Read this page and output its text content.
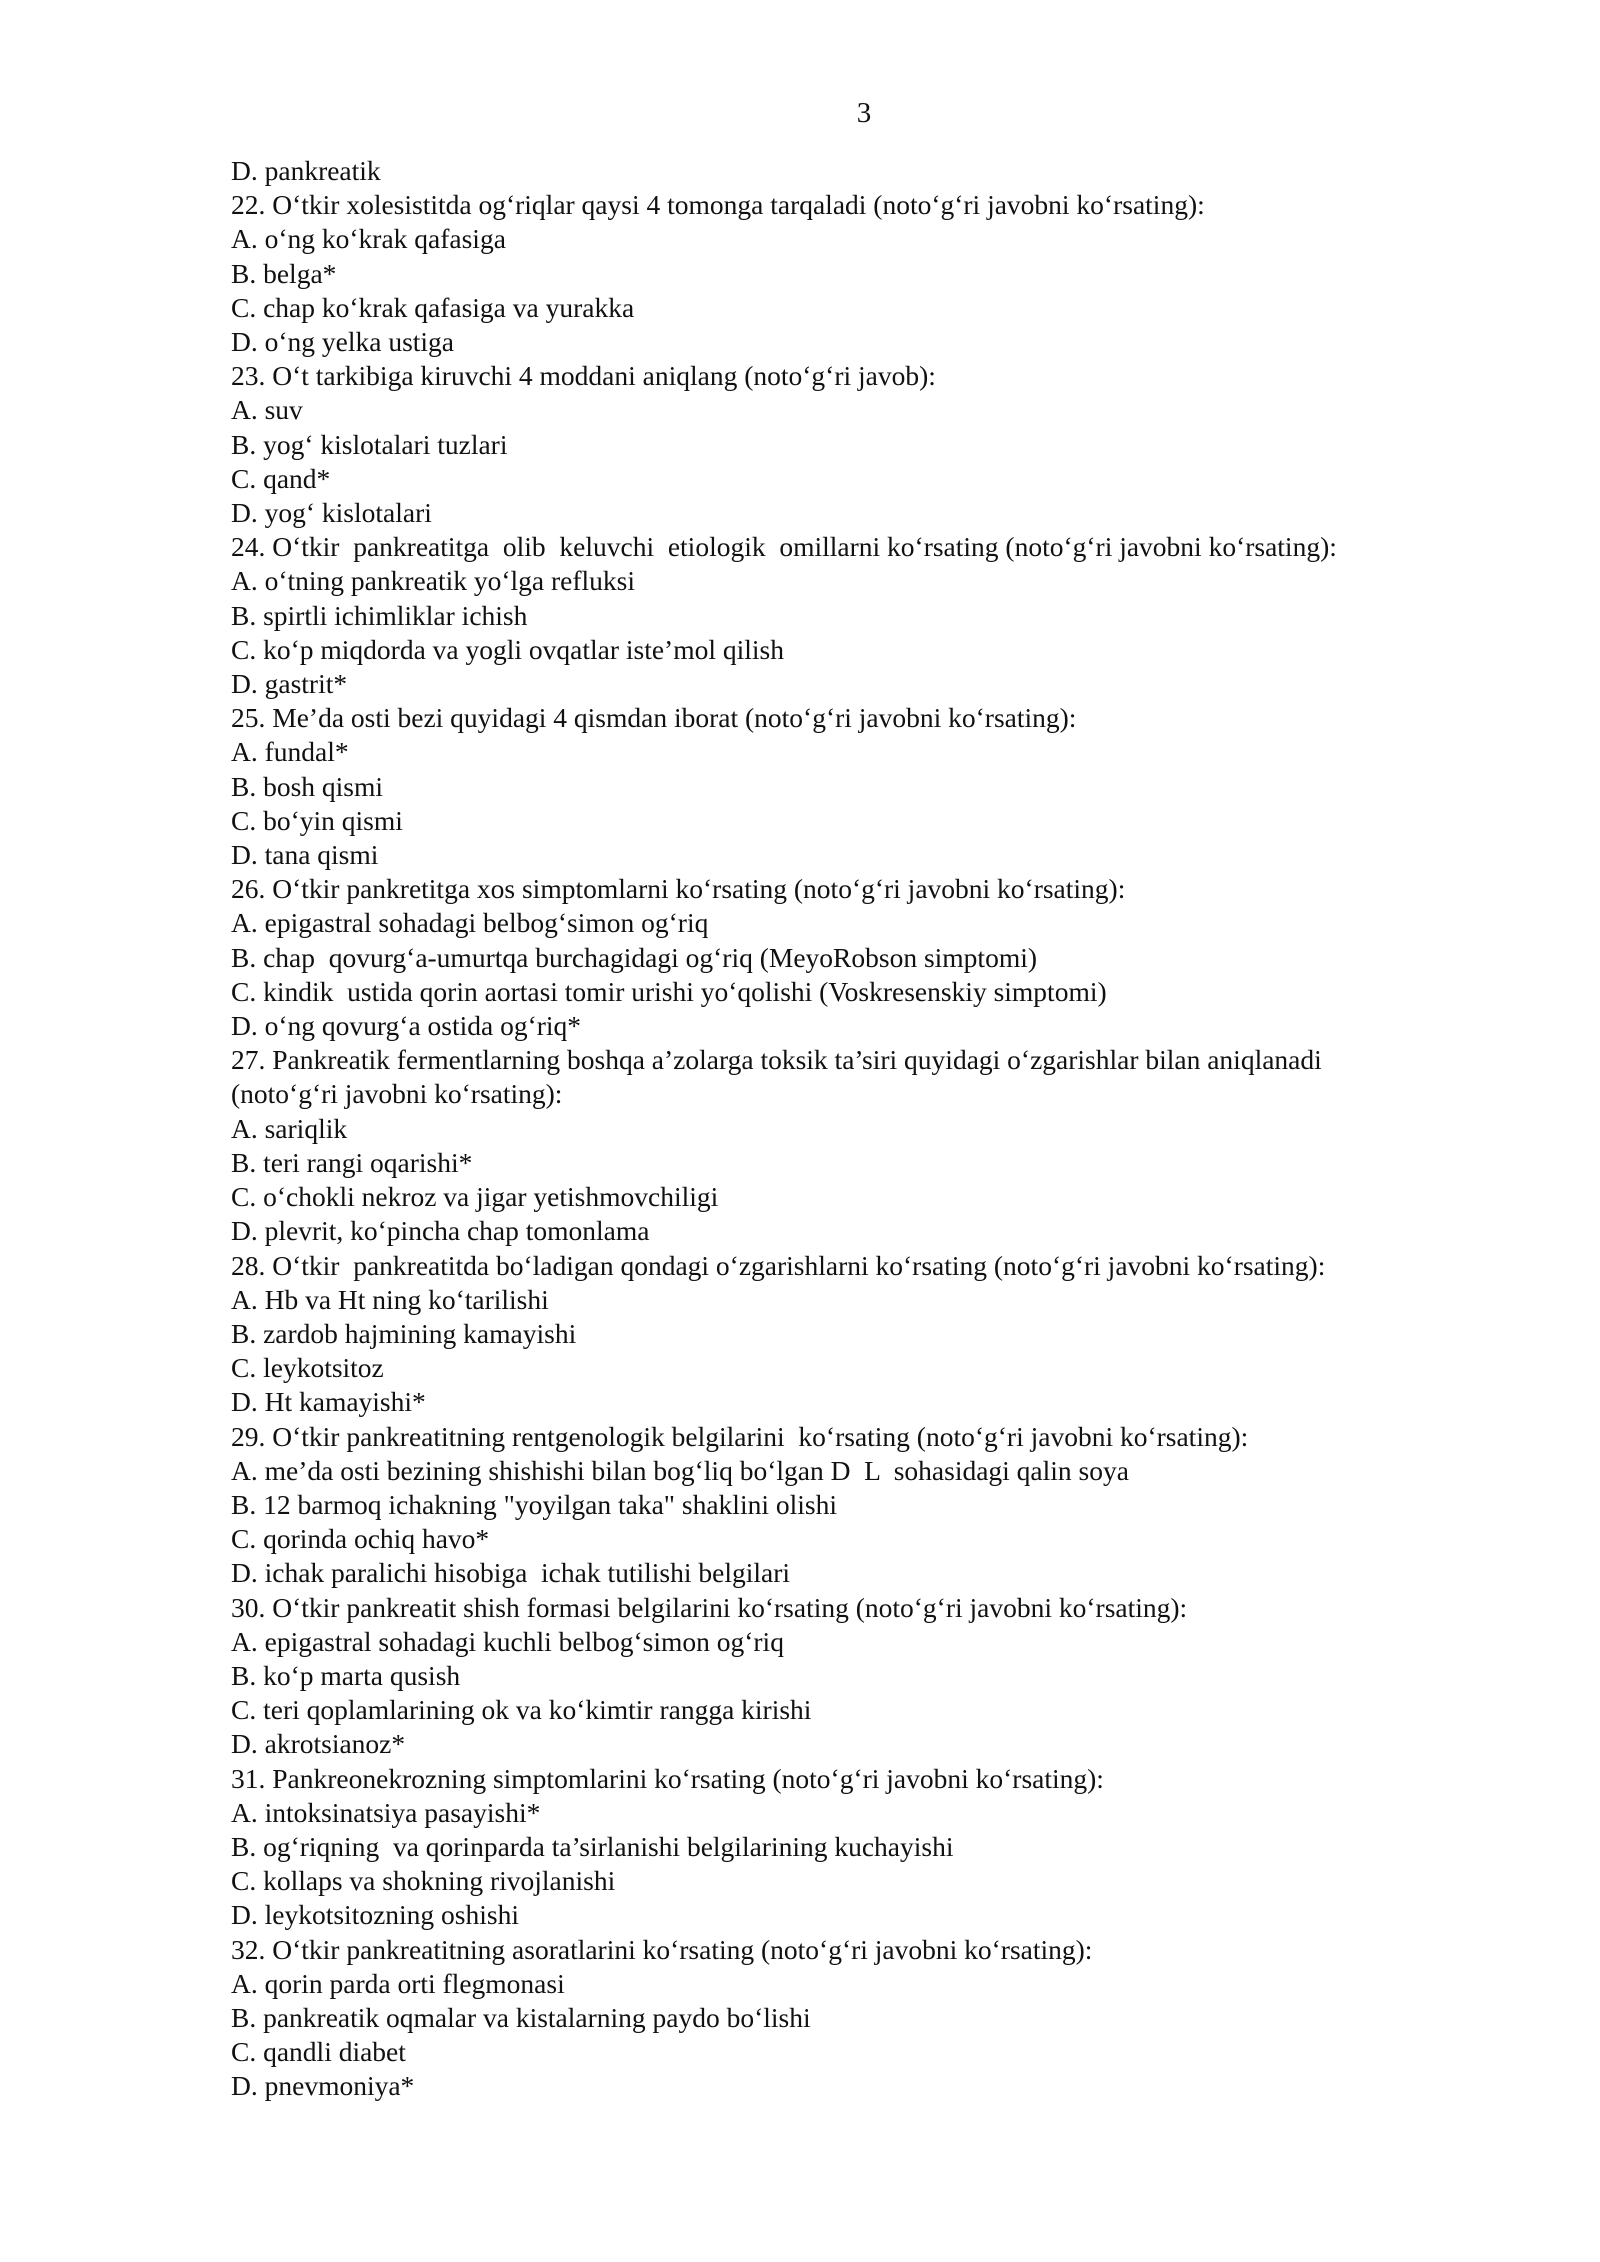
3

D. pankreatik

22. O‘tkir xolesistitda og‘riqlar qaysi 4 tomonga tarqaladi (noto‘g‘ri javobni ko‘rsating):

A. o‘ng ko‘krak qafasiga

B. belga*

C. chap ko‘krak qafasiga va yurakka

D. o‘ng yelka ustiga

23. O‘t tarkibiga kiruvchi 4 moddani aniqlang (noto‘g‘ri javob):

A. suv

B. yog‘ kislotalari tuzlari

C. qand*

D. yog‘ kislotalari

24. O‘tkir  pankreatitga  olib  keluvchi  etiologik  omillarni ko‘rsating (noto‘g‘ri javobni ko‘rsating):

A. o‘tning pankreatik yo‘lga refluksi

B. spirtli ichimliklar ichish

C. ko‘p miqdorda va yogli ovqatlar iste’mol qilish

D. gastrit*

25. Me’da osti bezi quyidagi 4 qismdan iborat (noto‘g‘ri javobni ko‘rsating):

A. fundal*

B. bosh qismi

C. bo‘yin qismi

D. tana qismi

26. O‘tkir pankretitga xos simptomlarni ko‘rsating (noto‘g‘ri javobni ko‘rsating):

A. epigastral sohadagi belbog‘simon og‘riq

B. chap  qovurg‘a-umurtqa burchagidagi og‘riq (MeyoRobson simptomi)

C. kindik  ustida qorin aortasi tomir urishi yo‘qolishi (Voskresenskiy simptomi)

D. o‘ng qovurg‘a ostida og‘riq*

27. Pankreatik fermentlarning boshqa a’zolarga toksik ta’siri quyidagi o‘zgarishlar bilan aniqlanadi

(noto‘g‘ri javobni ko‘rsating):

A. sariqlik

B. teri rangi oqarishi*

C. o‘chokli nekroz va jigar yetishmovchiligi

D. plevrit, ko‘pincha chap tomonlama

28. O‘tkir  pankreatitda bo‘ladigan qondagi o‘zgarishlarni ko‘rsating (noto‘g‘ri javobni ko‘rsating):

A. Hb va Ht ning ko‘tarilishi

B. zardob hajmining kamayishi

C. leykotsitoz

D. Ht kamayishi*

29. O‘tkir pankreatitning rentgenologik belgilarini  ko‘rsating (noto‘g‘ri javobni ko‘rsating):

A. me’da osti bezining shishishi bilan bog‘liq bo‘lgan D  L  sohasidagi qalin soya

B. 12 barmoq ichakning "yoyilgan taka" shaklini olishi

C. qorinda ochiq havo*

D. ichak paralichi hisobiga  ichak tutilishi belgilari

30. O‘tkir pankreatit shish formasi belgilarini ko‘rsating (noto‘g‘ri javobni ko‘rsating):

A. epigastral sohadagi kuchli belbog‘simon og‘riq

B. ko‘p marta qusish

C. teri qoplamlarining ok va ko‘kimtir rangga kirishi

D. akrotsianoz*

31. Pankreonekrozning simptomlarini ko‘rsating (noto‘g‘ri javobni ko‘rsating):

A. intoksinatsiya pasayishi*

B. og‘riqning  va qorinparda ta’sirlanishi belgilarining kuchayishi

C. kollaps va shokning rivojlanishi

D. leykotsitozning oshishi

32. O‘tkir pankreatitning asoratlarini ko‘rsating (noto‘g‘ri javobni ko‘rsating):

A. qorin parda orti flegmonasi

B. pankreatik oqmalar va kistalarning paydo bo‘lishi

C. qandli diabet

D. pnevmoniya*
